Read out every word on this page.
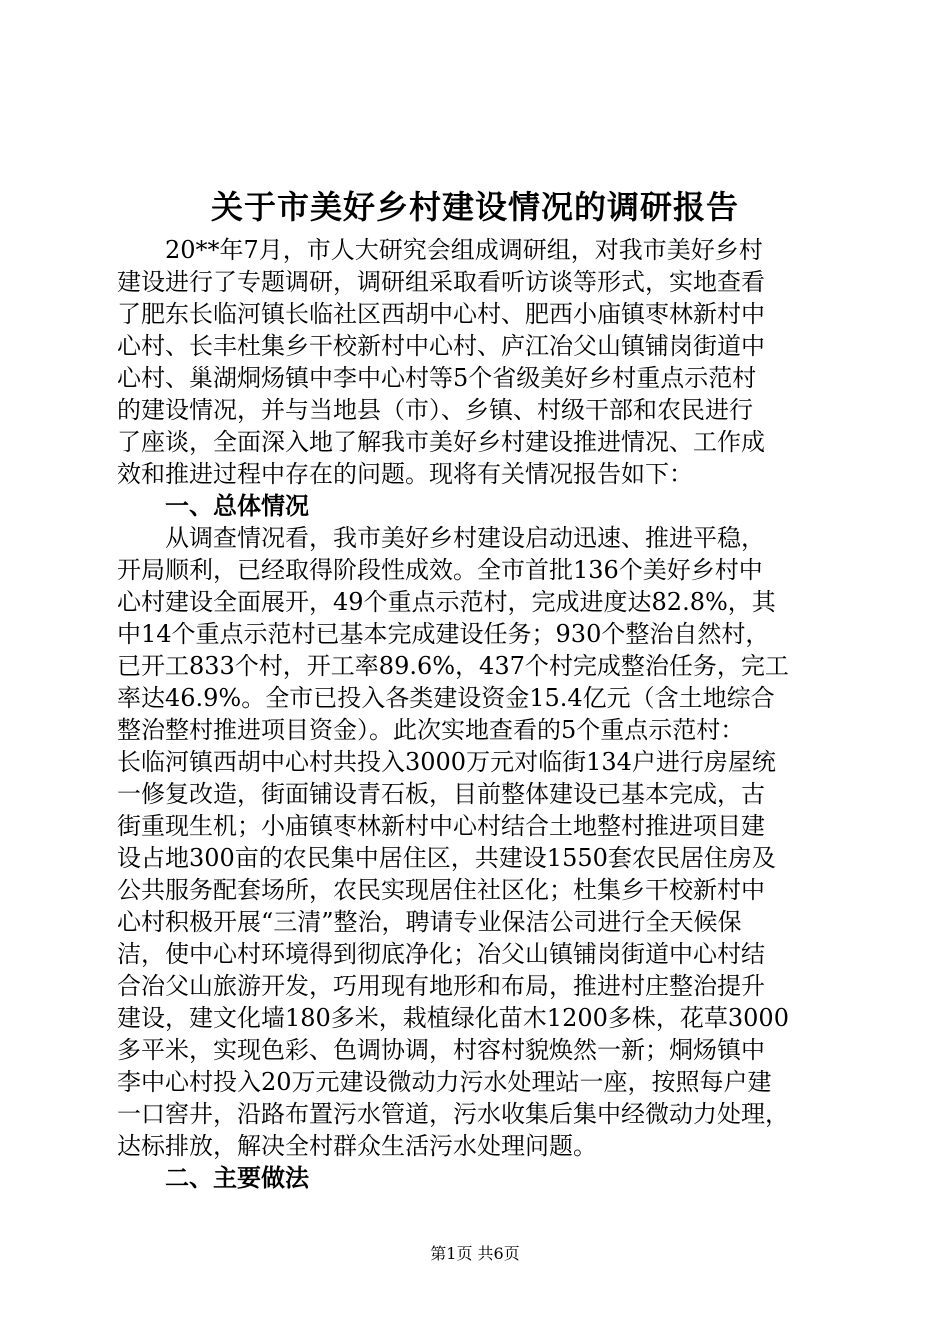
关于市美好乡村建设情况的调研报告
　　20**年7月，市人大研究会组成调研组，对我市美好乡村
建设进行了专题调研，调研组采取看听访谈等形式，实地查看
了肥东长临河镇长临社区西胡中心村、肥西小庙镇枣林新村中
心村、长丰杜集乡干校新村中心村、庐江冶父山镇铺岗街道中
心村、巢湖烔炀镇中李中心村等5个省级美好乡村重点示范村
的建设情况，并与当地县（市）、乡镇、村级干部和农民进行
了座谈，全面深入地了解我市美好乡村建设推进情况、工作成
效和推进过程中存在的问题。现将有关情况报告如下：
　　一、总体情况
　　从调查情况看，我市美好乡村建设启动迅速、推进平稳，
开局顺利，已经取得阶段性成效。全市首批136个美好乡村中
心村建设全面展开，49个重点示范村，完成进度达82.8%，其
中14个重点示范村已基本完成建设任务；930个整治自然村，
已开工833个村，开工率89.6%，437个村完成整治任务，完工
率达46.9%。全市已投入各类建设资金15.4亿元（含土地综合
整治整村推进项目资金）。此次实地查看的5个重点示范村：
长临河镇西胡中心村共投入3000万元对临街134户进行房屋统
一修复改造，街面铺设青石板，目前整体建设已基本完成，古
街重现生机；小庙镇枣林新村中心村结合土地整村推进项目建
设占地300亩的农民集中居住区，共建设1550套农民居住房及
公共服务配套场所，农民实现居住社区化；杜集乡干校新村中
心村积极开展“三清”整治，聘请专业保洁公司进行全天候保
洁，使中心村环境得到彻底净化；冶父山镇铺岗街道中心村结
合冶父山旅游开发，巧用现有地形和布局，推进村庄整治提升
建设，建文化墙180多米，栽植绿化苗木1200多株，花草3000
多平米，实现色彩、色调协调，村容村貌焕然一新；烔炀镇中
李中心村投入20万元建设微动力污水处理站一座，按照每户建
一口窖井，沿路布置污水管道，污水收集后集中经微动力处理，
达标排放，解决全村群众生活污水处理问题。
　　二、主要做法
第1页 共6页
